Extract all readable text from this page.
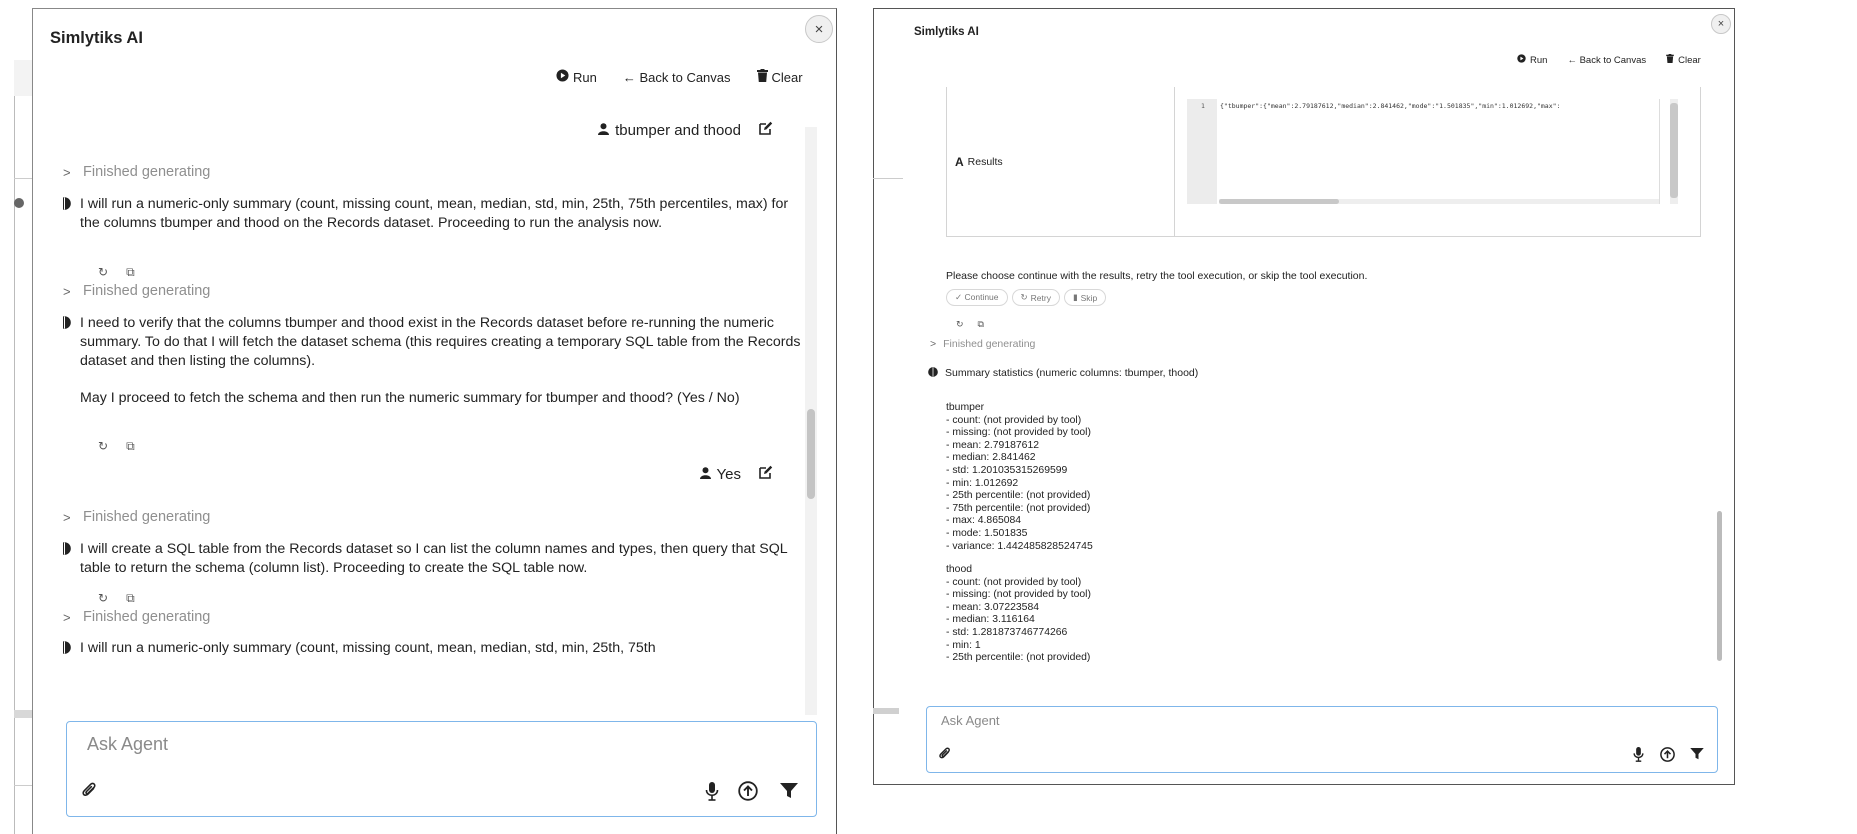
Simlytiks AI	×
Run ← Back to Canvas	Clear
tbumper and thood
> Finished generating
I will run a numeric-only summary (count, missing count, mean, median, std, min, 25th, 75th percentiles, max) for the columns tbumper and thood on the Records dataset. Proceeding to run the analysis now.
↻ ⧉
> Finished generating

I need to verify that the columns tbumper and thood exist in the Records dataset before re-running the numeric summary. To do that I will fetch the dataset schema (this requires creating a temporary SQL table from the Records dataset and then listing the columns).

May I proceed to fetch the schema and then run the numeric summary for tbumper and thood? (Yes / No)

↻ ⧉
Yes
> Finished generating
I will create a SQL table from the Records dataset so I can list the column names and types, then query that SQL table to return the schema (column list). Proceeding to create the SQL table now.
↻ ⧉
> Finished generating
I will run a numeric-only summary (count, missing count, mean, median, std, min, 25th, 75th
Ask Agent
Simlytiks AI
×
Run ← Back to Canvas	Clear
A Results
1 {"tbumper":{"mean":2.79187612,"median":2.841462,"mode":"1.501835","min":1.012692,"max":
Please choose continue with the results, retry the tool execution, or skip the tool execution.
✓ Continue	↻ Retry	▮ Skip
↻ ⧉
> Finished generating
Summary statistics (numeric columns: tbumper, thood)
tbumper
- count: (not provided by tool)
- missing: (not provided by tool)
- mean: 2.79187612
- median: 2.841462
- std: 1.201035315269599
- min: 1.012692
- 25th percentile: (not provided)
- 75th percentile: (not provided)
- max: 4.865084
- mode: 1.501835
- variance: 1.442485828524745
thood
- count: (not provided by tool)
- missing: (not provided by tool)
- mean: 3.07223584
- median: 3.116164
- std: 1.281873746774266
- min: 1
- 25th percentile: (not provided)
Ask Agent
